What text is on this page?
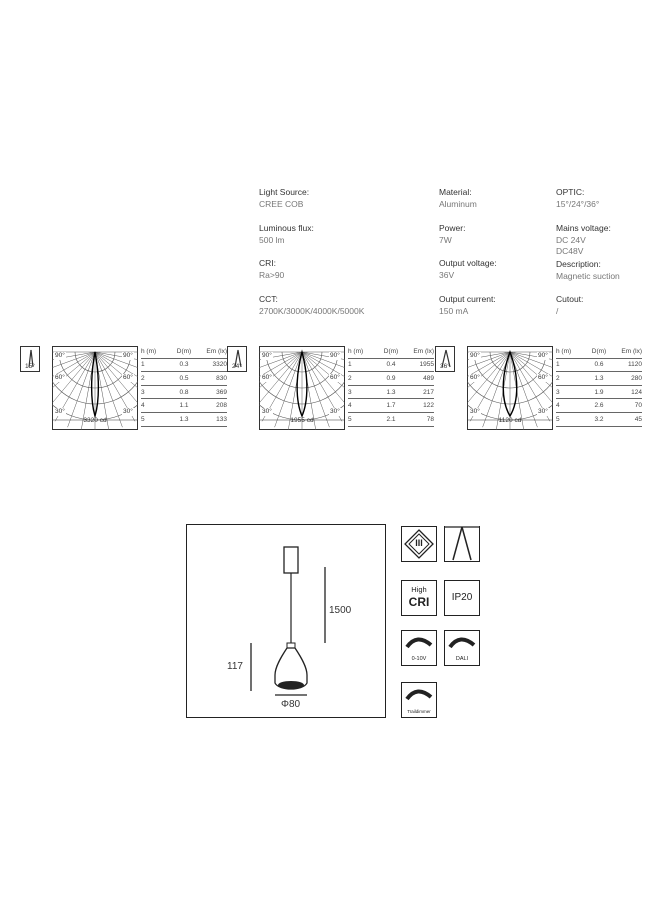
Light Source:
CREE COB
Luminous flux:
500 lm
CRI:
Ra>90
CCT:
2700K/3000K/4000K/5000K
Material:
Aluminum
Power:
7W
Output voltage:
36V
Output current:
150 mA
OPTIC:
15°/24°/36°
Mains voltage:
DC 24V
DC48V
Description:
Magnetic suction
Cutout:
/
15°
90°	90°
60°	60°
30°	30°
3320 cd
h (m)	D(m)	Em (lx)
1	0.3	3320
2	0.5	830
3	0.8	369
4	1.1	208
5	1.3	133
24°
90°	90°
60°	60°
30°	30°
1955 cd
h (m)	D(m)	Em (lx)
1	0.4	1955
2	0.9	489
3	1.3	217
4	1.7	122
5	2.1	78
36°
90°	90°
60°	60°
30°	30°
1120 cd
h (m)	D(m)	Em (lx)
1	0.6	1120
2	1.3	280
3	1.9	124
4	2.6	70
5	3.2	45
1500
117
Φ80
III
High
CRI	IP20
0-10V	DALI
Traildimmer
